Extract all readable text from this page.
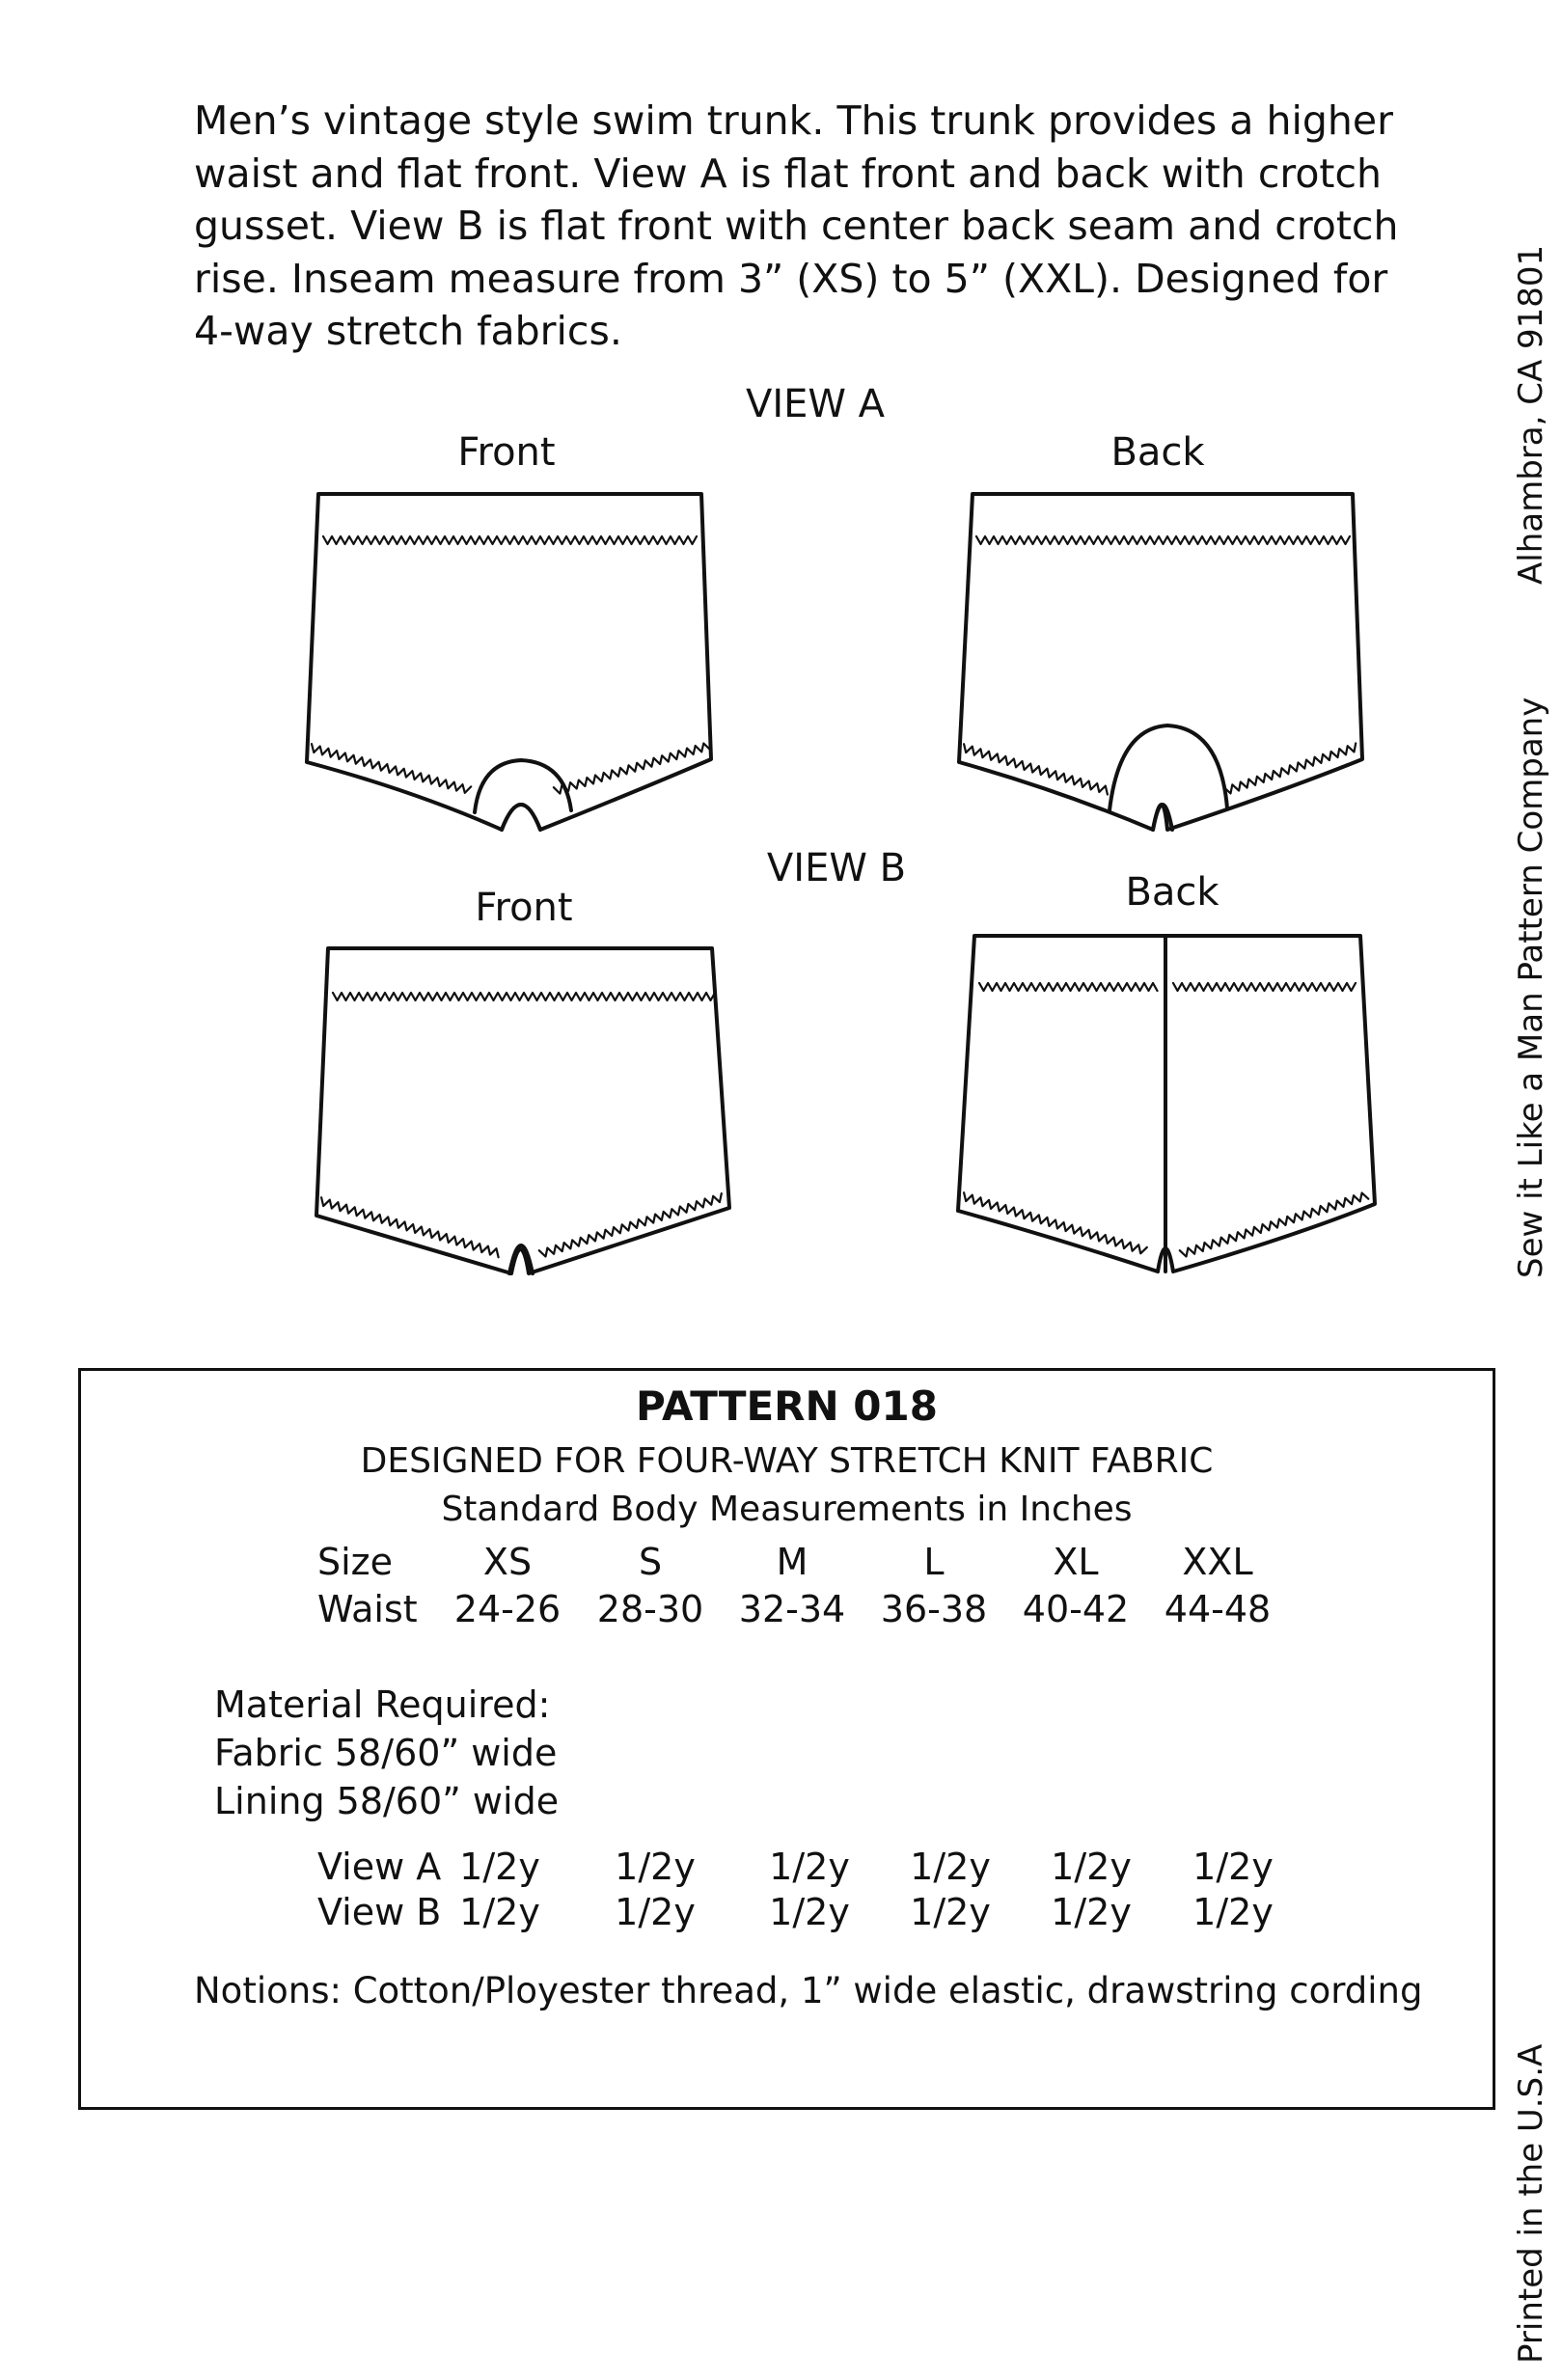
Men’s vintage style swim trunk. This trunk provides a higher waist and flat front. View A is flat front and back with crotch gusset. View B is flat front with center back seam and crotch rise. Inseam measure from 3” (XS) to 5” (XXL). Designed for 4-way stretch fabrics.
VIEW A
Front	Back
VIEW B
Front	Back
Alhambra, CA 91801
Sew it Like a Man Pattern Company
Printed in the U.S.A
PATTERN 018
DESIGNED FOR FOUR-WAY STRETCH KNIT FABRIC
Standard Body Measurements in Inches
Size	XS	S	M	L	XL	XXL
Waist	24-26 28-30 32-34 36-38 40-42 44-48
Material Required:
Fabric 58/60” wide
Lining 58/60” wide
View A 1/2y	1/2y	1/2y	1/2y	1/2y	1/2y
View B 1/2y	1/2y	1/2y	1/2y	1/2y	1/2y
Notions: Cotton/Ployester thread, 1” wide elastic, drawstring cording
